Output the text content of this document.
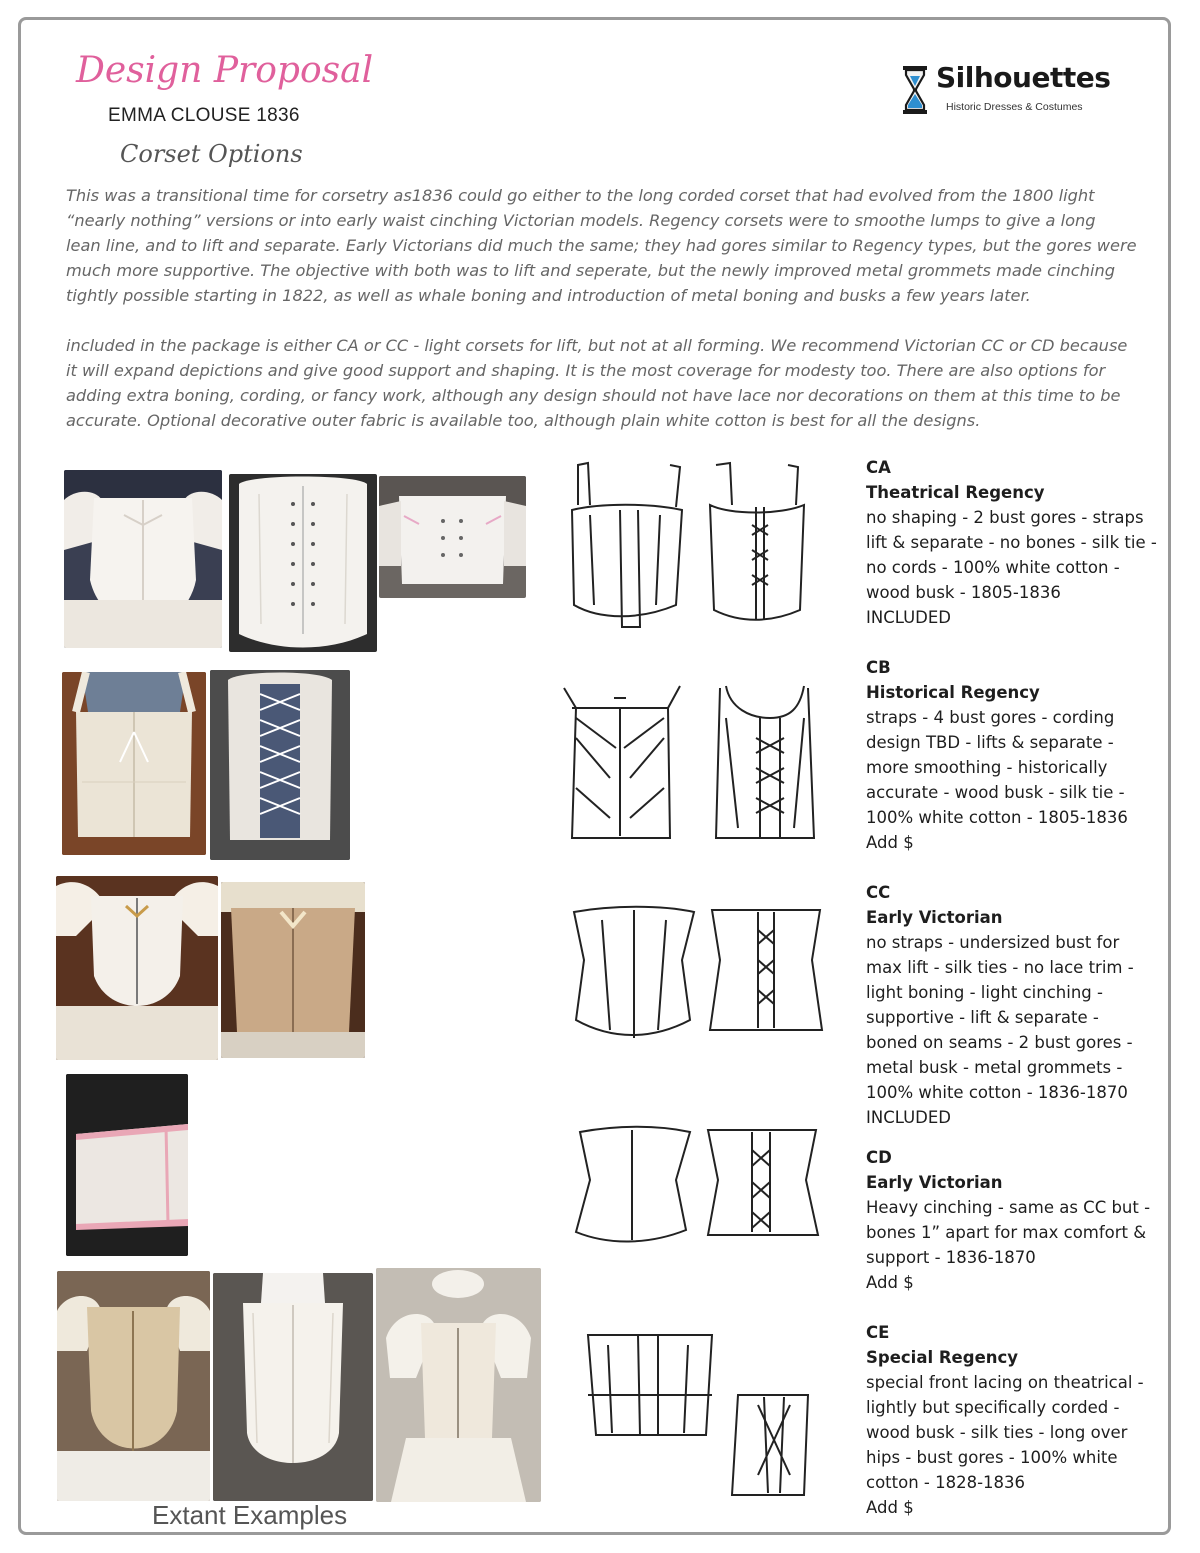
Design Proposal
EMMA CLOUSE 1836
Corset Options
Silhouettes
Historic Dresses & Costumes
This was a transitional time for corsetry as1836 could go either to the long corded corset that had evolved from the 1800 light
“nearly nothing” versions or into early waist cinching Victorian models. Regency corsets were to smoothe lumps to give a long
lean line, and to lift and separate. Early Victorians did much the same; they had gores similar to Regency types, but the gores were
much more supportive. The objective with both was to lift and seperate, but the newly improved metal grommets made cinching
tightly possible starting in 1822, as well as whale boning and introduction of metal boning and busks a few years later.
included in the package is either CA or CC - light corsets for lift, but not at all forming. We recommend Victorian CC or CD because
it will expand depictions and give good support and shaping. It is the most coverage for modesty too. There are also options for
adding extra boning, cording, or fancy work, although any design should not have lace nor decorations on them at this time to be
accurate. Optional decorative outer fabric is available too, although plain white cotton is best for all the designs.
CA
Theatrical Regency
no shaping - 2 bust gores - straps
lift & separate - no bones - silk tie -
no cords - 100% white cotton -
wood busk - 1805-1836
INCLUDED
CB
Historical Regency
straps - 4 bust gores - cording
design TBD - lifts & separate -
more smoothing - historically
accurate - wood busk - silk tie -
100% white cotton - 1805-1836
Add $
CC
Early Victorian
no straps - undersized bust for
max lift - silk ties - no lace trim -
light boning - light cinching -
supportive - lift & separate -
boned on seams - 2 bust gores -
metal busk - metal grommets -
100% white cotton - 1836-1870
INCLUDED
CD
Early Victorian
Heavy cinching - same as CC but -
bones 1” apart for max comfort &
support - 1836-1870
Add $
CE
Special Regency
special front lacing on theatrical -
lightly but specifically corded -
wood busk - silk ties - long over
hips - bust gores - 100% white
cotton - 1828-1836
Add $
Extant Examples
